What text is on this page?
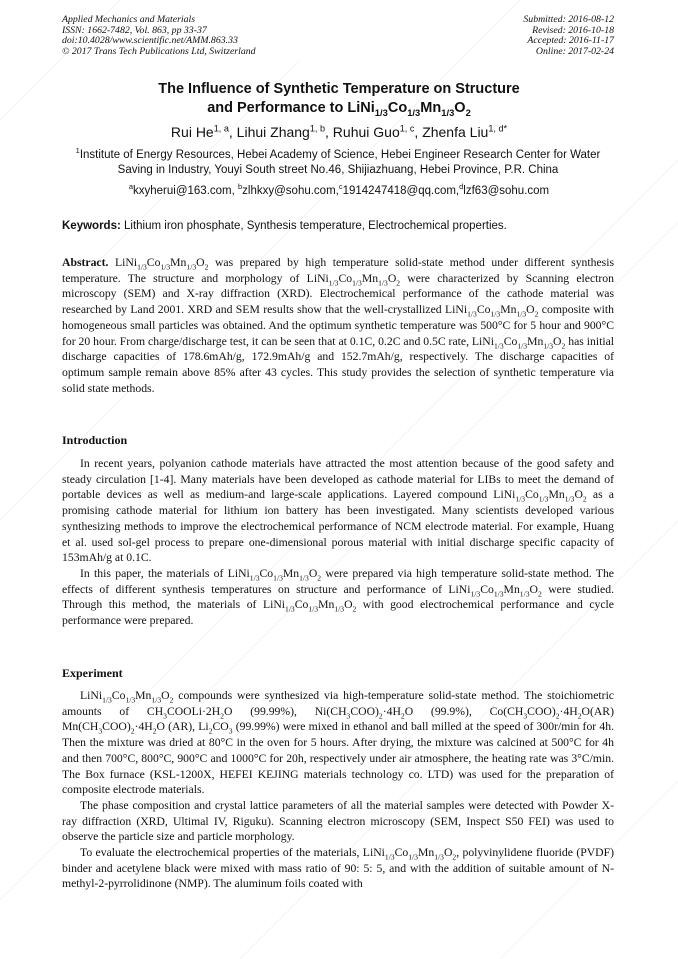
Applied Mechanics and Materials
ISSN: 1662-7482, Vol. 863, pp 33-37
doi:10.4028/www.scientific.net/AMM.863.33
© 2017 Trans Tech Publications Ltd, Switzerland
Submitted: 2016-08-12
Revised: 2016-10-18
Accepted: 2016-11-17
Online: 2017-02-24
The Influence of Synthetic Temperature on Structure
and Performance to $LiNi_{1/3}Co_{1/3}Mn_{1/3}O_2$
Rui He$^{1, a}$, Lihui Zhang$^{1, b}$, Ruhui Guo$^{1, c}$, Zhenfa Liu$^{1, d*}$
$^1$Institute of Energy Resources, Hebei Academy of Science, Hebei Engineer Research Center for Water Saving in Industry, Youyi South street No.46, Shijiazhuang, Hebei Province, P.R. China
$^a$kxyherui@163.com, $^b$zlhkxy@sohu.com,$^c$1914247418@qq.com,$^d$lzf63@sohu.com
Keywords: Lithium iron phosphate, Synthesis temperature, Electrochemical properties.

Abstract. $LiNi_{1/3}Co_{1/3}Mn_{1/3}O_2$ was prepared by high temperature solid-state method under different synthesis temperature. The structure and morphology of $LiNi_{1/3}Co_{1/3}Mn_{1/3}O_2$ were characterized by Scanning electron microscopy (SEM) and X-ray diffraction (XRD). Electrochemical performance of the cathode material was researched by Land 2001. XRD and SEM results show that the well-crystallized $LiNi_{1/3}Co_{1/3}Mn_{1/3}O_2$ composite with homogeneous small particles was obtained. And the optimum synthetic temperature was 500°C for 5 hour and 900°C for 20 hour. From charge/discharge test, it can be seen that at 0.1C, 0.2C and 0.5C rate, $LiNi_{1/3}Co_{1/3}Mn_{1/3}O_2$ has initial discharge capacities of 178.6mAh/g, 172.9mAh/g and 152.7mAh/g, respectively. The discharge capacities of optimum sample remain above 85% after 43 cycles. This study provides the selection of synthetic temperature via solid state methods.

Introduction

In recent years, polyanion cathode materials have attracted the most attention because of the good safety and steady circulation [1-4]. Many materials have been developed as cathode material for LIBs to meet the demand of portable devices as well as medium-and large-scale applications. Layered compound $LiNi_{1/3}Co_{1/3}Mn_{1/3}O_2$ as a promising cathode material for lithium ion battery has been investigated. Many scientists developed various synthesizing methods to improve the electrochemical performance of NCM electrode material. For example, Huang et al. used sol-gel process to prepare one-dimensional porous material with initial discharge specific capacity of 153mAh/g at 0.1C.

In this paper, the materials of $LiNi_{1/3}Co_{1/3}Mn_{1/3}O_2$ were prepared via high temperature solid-state method. The effects of different synthesis temperatures on structure and performance of $LiNi_{1/3}Co_{1/3}Mn_{1/3}O_2$ were studied. Through this method, the materials of $LiNi_{1/3}Co_{1/3}Mn_{1/3}O_2$ with good electrochemical performance and cycle performance were prepared.

Experiment

$LiNi_{1/3}Co_{1/3}Mn_{1/3}O_2$ compounds were synthesized via high-temperature solid-state method. The stoichiometric amounts of $CH_3COOLi\cdot 2H_2O$ (99.99%), $Ni(CH_3COO)_2\cdot 4H_2O$ (99.9%), $Co(CH_3COO)_2\cdot 4H_2O(AR)$ $Mn(CH_3COO)_2\cdot 4H_2O$ (AR), $Li_2CO_3$ (99.99%) were mixed in ethanol and ball milled at the speed of 300r/min for 4h. Then the mixture was dried at 80°C in the oven for 5 hours. After drying, the mixture was calcined at 500°C for 4h and then 700°C, 800°C, 900°C and 1000°C for 20h, respectively under air atmosphere, the heating rate was 3°C/min. The Box furnace (KSL-1200X, HEFEI KEJING materials technology co. LTD) was used for the preparation of composite electrode materials.

The phase composition and crystal lattice parameters of all the material samples were detected with Powder X-ray diffraction (XRD, Ultimal IV, Riguku). Scanning electron microscopy (SEM, Inspect S50 FEI) was used to observe the particle size and particle morphology.

To evaluate the electrochemical properties of the materials, $LiNi_{1/3}Co_{1/3}Mn_{1/3}O_2$, polyvinylidene fluoride (PVDF) binder and acetylene black were mixed with mass ratio of 90: 5: 5, and with the addition of suitable amount of N-methyl-2-pyrrolidinone (NMP). The aluminum foils coated with
